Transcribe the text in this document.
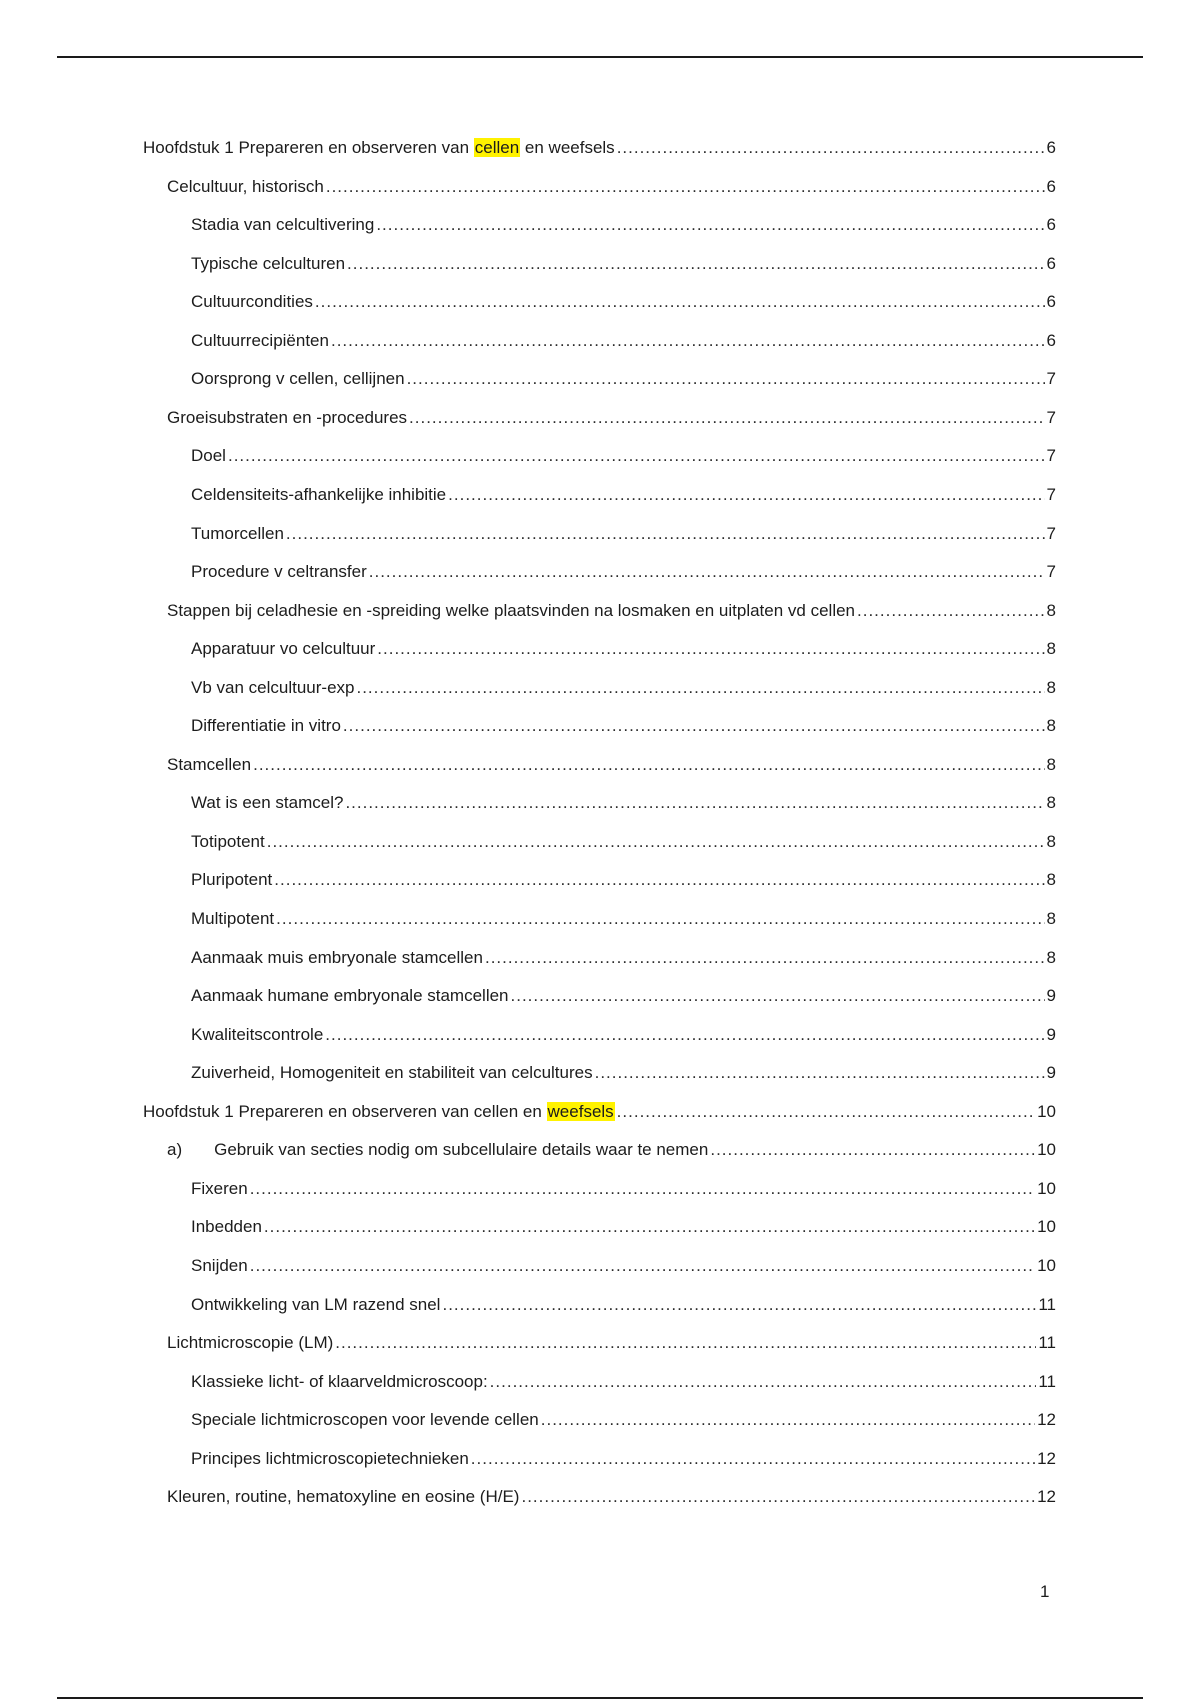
Hoofdstuk 1 Prepareren en observeren van cellen en weefsels .....	6
Celcultuur, historisch .....	6
Stadia van celcultivering .....	6
Typische celculturen .....	6
Cultuurcondities .....	6
Cultuurrecipiënten .....	6
Oorsprong v cellen, cellijnen .....	7
Groeisubstraten en -procedures .....	7
Doel .....	7
Celdensiteits-afhankelijke inhibitie .....	7
Tumorcellen .....	7
Procedure v celtransfer .....	7
Stappen bij celadhesie en -spreiding welke plaatsvinden na losmaken en uitplaten vd cellen .....	8
Apparatuur vo celcultuur .....	8
Vb van celcultuur-exp .....	8
Differentiatie in vitro .....	8
Stamcellen .....	8
Wat is een stamcel? .....	8
Totipotent .....	8
Pluripotent .....	8
Multipotent .....	8
Aanmaak muis embryonale stamcellen .....	8
Aanmaak humane embryonale stamcellen .....	9
Kwaliteitscontrole .....	9
Zuiverheid, Homogeniteit en stabiliteit van celcultures .....	9
Hoofdstuk 1 Prepareren en observeren van cellen en weefsels .....	10
a) Gebruik van secties nodig om subcellulaire details waar te nemen .....	10
Fixeren .....	10
Inbedden .....	10
Snijden .....	10
Ontwikkeling van LM razend snel .....	11
Lichtmicroscopie (LM) .....	11
Klassieke licht- of klaarveldmicroscoop: .....	11
Speciale lichtmicroscopen voor levende cellen .....	12
Principes lichtmicroscopietechnieken .....	12
Kleuren, routine, hematoxyline en eosine (H/E) .....	12
1
